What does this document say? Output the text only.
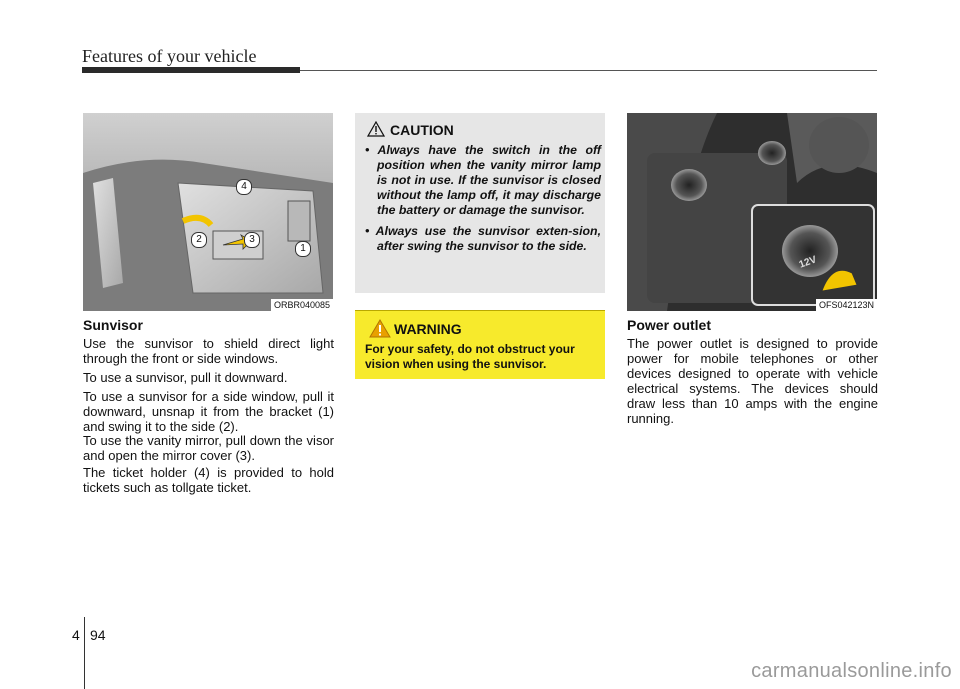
Features of your vehicle
1
2	3
4
ORBR040085
Sunvisor
Use the sunvisor to shield direct light through the front or side windows.
To use a sunvisor, pull it downward.
To use a sunvisor for a side window, pull it downward, unsnap it from the bracket (1) and swing it to the side (2).
To use the vanity mirror, pull down the visor and open the mirror cover (3).
The ticket holder (4) is provided to hold tickets such as tollgate ticket.
CAUTION
• Always have the switch in the off position when the vanity mirror lamp is not in use. If the sunvisor is closed without the lamp off, it may discharge the battery or damage the sunvisor.
• Always use the sunvisor exten-sion, after swing the sunvisor to the side.
WARNING
For your safety, do not obstruct your vision when using the sunvisor.
12V
OFS042123N
Power outlet
The power outlet is designed to provide power for mobile telephones or other devices designed to operate with vehicle electrical systems. The devices should draw less than 10 amps with the engine running.
4 94
carmanualsonline.info
